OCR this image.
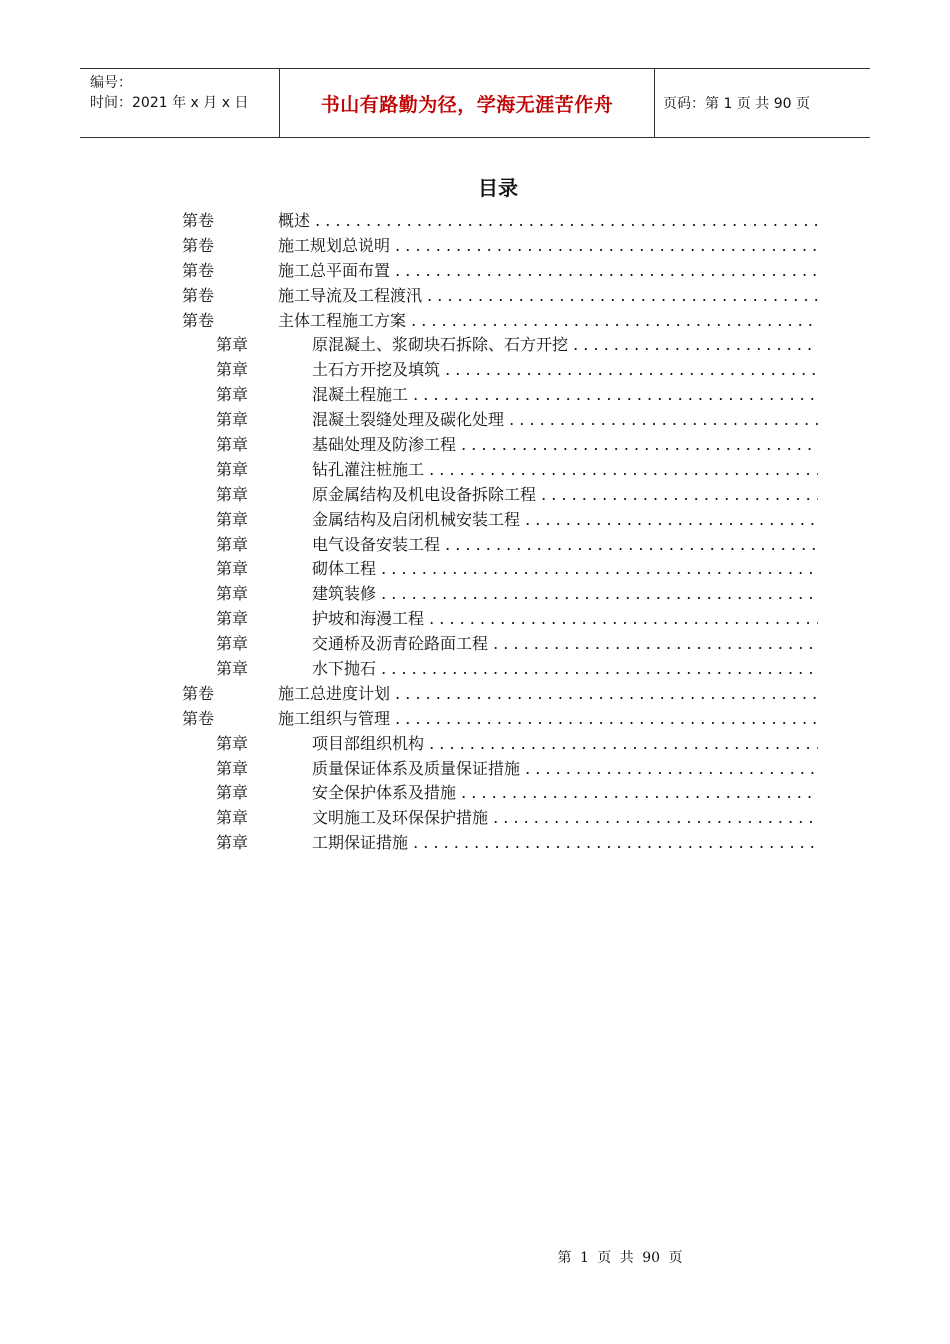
编号：
时间：2021 年 x 月 x 日	书山有路勤为径，学海无涯苦作舟	页码：第 1 页 共 90 页
目录
第卷	概述 . . .
第卷	施工规划总说明 . . .
第卷	施工总平面布置 . . .
第卷	施工导流及工程渡汛 . . .
第卷	主体工程施工方案 . . .
第章	原混凝土、浆砌块石拆除、石方开挖 . . .
第章	土石方开挖及填筑 . . .
第章	混凝土程施工 . . .
第章	混凝土裂缝处理及碳化处理 . . .
第章	基础处理及防渗工程 . . .
第章	钻孔灌注桩施工 . . .
第章	原金属结构及机电设备拆除工程 . . .
第章	金属结构及启闭机械安装工程 . . .
第章	电气设备安装工程 . . .
第章	砌体工程 . . .
第章	建筑装修 . . .
第章	护坡和海漫工程 . . .
第章	交通桥及沥青砼路面工程 . . .
第章	水下抛石 . . .
第卷	施工总进度计划 . . .
第卷	施工组织与管理 . . .
第章	项目部组织机构 . . .
第章	质量保证体系及质量保证措施 . . .
第章	安全保护体系及措施 . . .
第章	文明施工及环保保护措施 . . .
第章	工期保证措施 . . .
第 1 页 共 90 页
